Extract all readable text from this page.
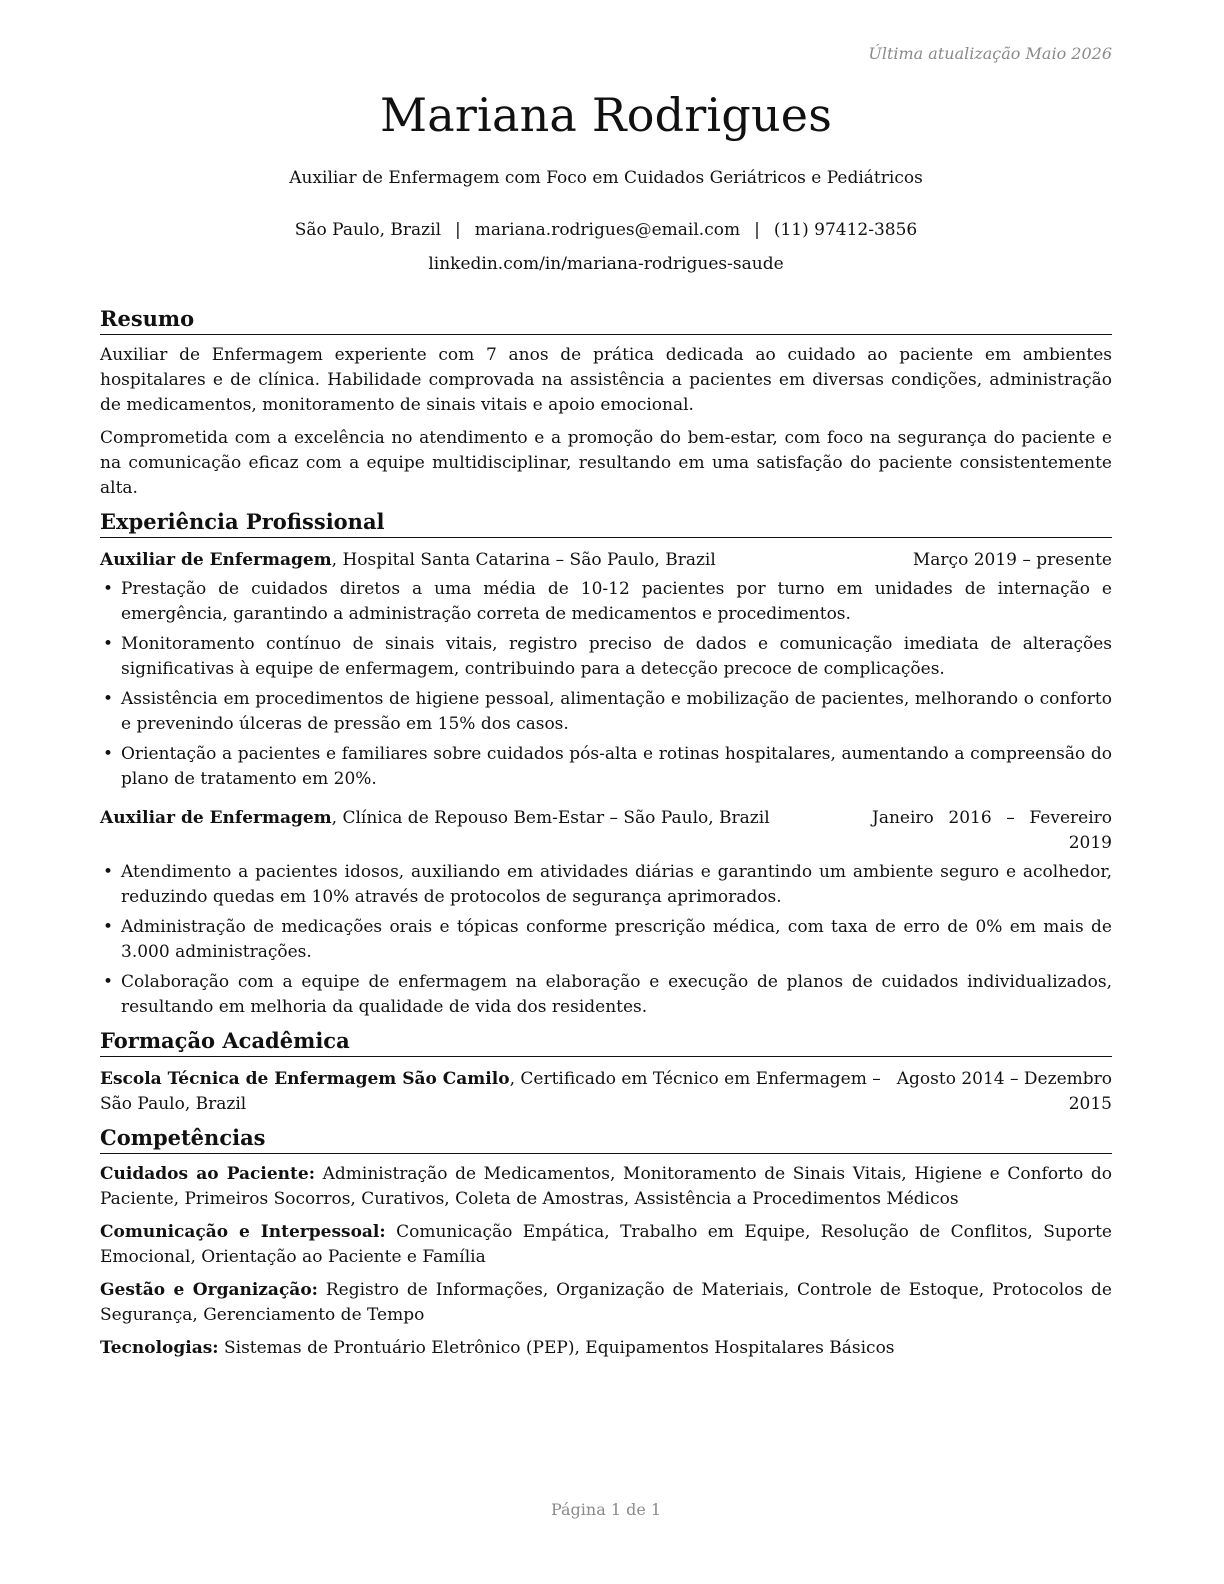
Última atualização Maio 2026
Mariana Rodrigues
Auxiliar de Enfermagem com Foco em Cuidados Geriátricos e Pediátricos
São Paulo, Brazil | mariana.rodrigues@email.com | (11) 97412-3856
linkedin.com/in/mariana-rodrigues-saude
Resumo

Auxiliar de Enfermagem experiente com 7 anos de prática dedicada ao cuidado ao paciente em ambientes hospitalares e de clínica. Habilidade comprovada na assistência a pacientes em diversas condições, administração de medicamentos, monitoramento de sinais vitais e apoio emocional.

Comprometida com a excelência no atendimento e a promoção do bem-estar, com foco na segurança do paciente e na comunicação eficaz com a equipe multidisciplinar, resultando em uma satisfação do paciente consistentemente alta.

Experiência Profissional
Auxiliar de Enfermagem, Hospital Santa Catarina – São Paulo, Brazil	Março 2019 – presente
• Prestação de cuidados diretos a uma média de 10-12 pacientes por turno em unidades de internação e emergência, garantindo a administração correta de medicamentos e procedimentos.
• Monitoramento contínuo de sinais vitais, registro preciso de dados e comunicação imediata de alterações significativas à equipe de enfermagem, contribuindo para a detecção precoce de complicações.
• Assistência em procedimentos de higiene pessoal, alimentação e mobilização de pacientes, melhorando o conforto e prevenindo úlceras de pressão em 15% dos casos.
• Orientação a pacientes e familiares sobre cuidados pós-alta e rotinas hospitalares, aumentando a compreensão do plano de tratamento em 20%.
Auxiliar de Enfermagem, Clínica de Repouso Bem-Estar – São Paulo, Brazil	Janeiro 2016 – Fevereiro 2019
• Atendimento a pacientes idosos, auxiliando em atividades diárias e garantindo um ambiente seguro e acolhedor, reduzindo quedas em 10% através de protocolos de segurança aprimorados.
• Administração de medicações orais e tópicas conforme prescrição médica, com taxa de erro de 0% em mais de 3.000 administrações.
• Colaboração com a equipe de enfermagem na elaboração e execução de planos de cuidados individualizados, resultando em melhoria da qualidade de vida dos residentes.
Formação Acadêmica
Escola Técnica de Enfermagem São Camilo, Certificado em Técnico em Enfermagem – Agosto 2014 – Dezembro
São Paulo, Brazil	2015
Competências
Cuidados ao Paciente: Administração de Medicamentos, Monitoramento de Sinais Vitais, Higiene e Conforto do Paciente, Primeiros Socorros, Curativos, Coleta de Amostras, Assistência a Procedimentos Médicos
Comunicação e Interpessoal: Comunicação Empática, Trabalho em Equipe, Resolução de Conflitos, Suporte Emocional, Orientação ao Paciente e Família
Gestão e Organização: Registro de Informações, Organização de Materiais, Controle de Estoque, Protocolos de Segurança, Gerenciamento de Tempo
Tecnologias: Sistemas de Prontuário Eletrônico (PEP), Equipamentos Hospitalares Básicos
Página 1 de 1
